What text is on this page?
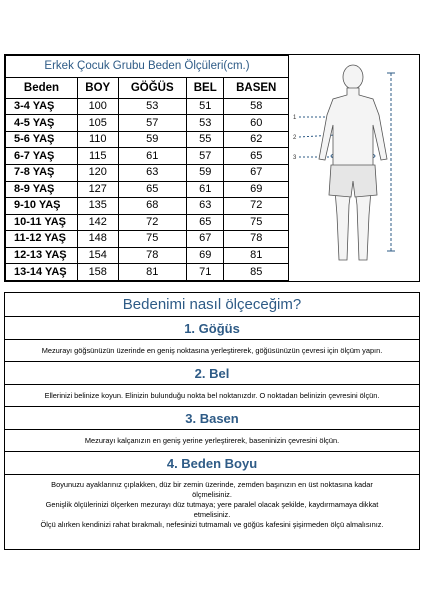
Erkek Çocuk Grubu Beden Ölçüleri(cm.)				
Beden	BOY	GÖĞÜS	BEL	BASEN
3-4 YAŞ	100	53	51	58
4-5 YAŞ	105	57	53	60
5-6 YAŞ	110	59	55	62
6-7 YAŞ	115	61	57	65
7-8 YAŞ	120	63	59	67
8-9 YAŞ	127	65	61	69
9-10 YAŞ	135	68	63	72
10-11 YAŞ	142	72	65	75
11-12 YAŞ	148	75	67	78
12-13 YAŞ	154	78	69	81
13-14 YAŞ	158	81	71	85
1
2
3
Bedenimi nasıl ölçeceğim?
1. Göğüs
Mezurayı göğsünüzün üzerinde en geniş noktasına yerleştirerek, göğüsünüzün çevresi için ölçüm yapın.
2. Bel
Ellerinizi belinize koyun. Elinizin bulunduğu nokta bel noktanızdır. O noktadan belinizin çevresini ölçün.
3. Basen
Mezurayı kalçanızın en geniş yerine yerleştirerek, baseninizin çevresini ölçün.
4. Beden Boyu
Boyunuzu ayaklarınız çıplakken, düz bir zemin üzerinde, zemden başınızın en üst noktasına kadar
ölçmelisiniz.
Genişlik ölçülerinizi ölçerken mezurayı düz tutmaya; yere paralel olacak şekilde, kaydırmamaya dikkat
etmelisiniz.
Ölçü alırken kendinizi rahat bırakmalı, nefesinizi tutmamalı ve göğüs kafesini şişirmeden ölçü almalısınız.
